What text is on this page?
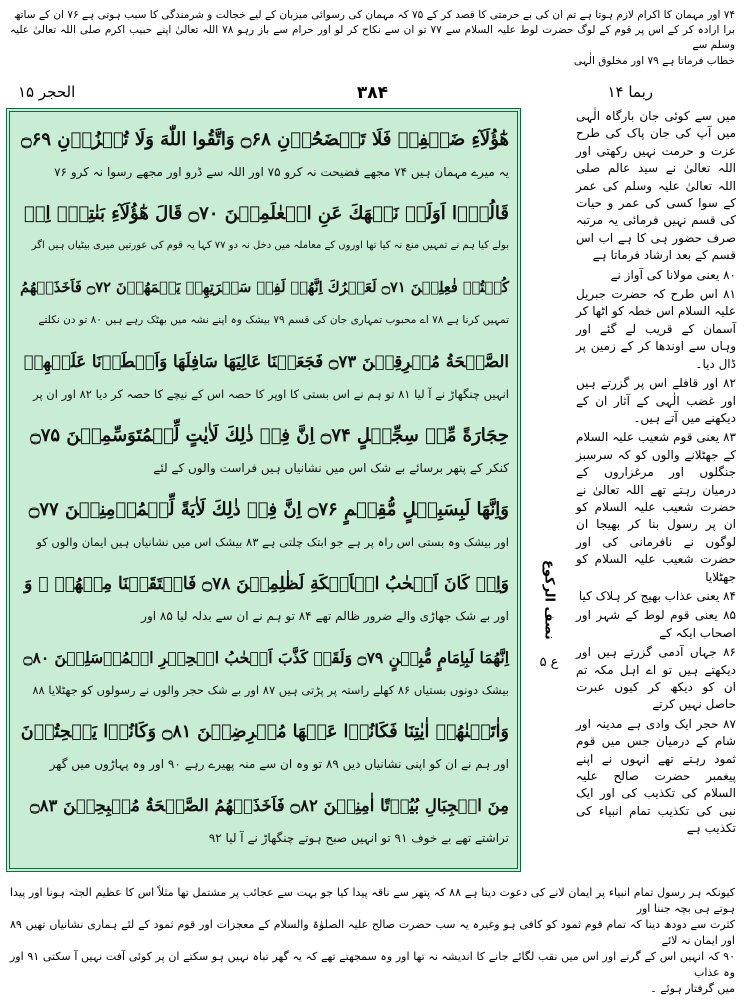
۷۴ اور مہمان کا اکرام لازم ہوتا ہے تم ان کی بے حرمتی کا قصد کر کے ۷۵ کہ مہمان کی رسوائی میزبان کے لیے خجالت و شرمندگی کا سبب ہوتی ہے ۷۶ ان کے ساتھ

برا ارادہ کر کے اس پر قوم کے لوگ حضرت لوط علیہ السلام سے ۷۷ تو ان سے نکاح کر لو اور حرام سے باز رہو ۷۸ اللہ تعالیٰ اپنے حبیب اکرم صلی اللہ تعالیٰ علیہ وسلم سے

خطاب فرماتا ہے ۷۹ اور مخلوق الٰہی

ربما ۱۴
۳۸۴
الحجر ۱۵
هٰٓؤُلَآءِ ضَيۡفِىۡ فَلَا تَفۡضَحُوۡنِ ۝۶۸ وَاتَّقُوا اللّٰهَ وَلَا تُخۡزُوۡنِ ۝۶۹
یہ میرے مہمان ہیں ۷۴ مجھے فضیحت نہ کرو ۷۵ اور اللہ سے ڈرو اور مجھے رسوا نہ کرو ۷۶
قَالُوۡٓا اَوَلَمۡ نَنۡهَكَ عَنِ الۡعٰلَمِيۡنَ ۝۷۰ قَالَ هٰٓؤُلَآءِ بَنٰتِىۡٓ اِنۡ
بولے کیا ہم نے تمہیں منع نہ کیا تھا اوروں کے معاملہ میں دخل نہ دو ۷۷ کہا یہ قوم کی عورتیں میری بیٹیاں ہیں اگر
كُنۡتُمۡ فٰعِلِيۡنَ ۝۷۱ لَعَمۡرُكَ اِنَّهُمۡ لَفِىۡ سَكۡرَتِهِمۡ يَعۡمَهُوۡنَ ۝۷۲ فَاَخَذَتۡهُمُ
تمہیں کرنا ہے ۷۸ اے محبوب تمہاری جان کی قسم ۷۹ بیشک وہ اپنے نشہ میں بھٹک رہے ہیں ۸۰ تو دن نکلتے
الصَّيۡحَةُ مُشۡرِقِيۡنَ ۝۷۳ فَجَعَلۡنَا عَالِيَهَا سَافِلَهَا وَاَمۡطَرۡنَا عَلَيۡهِمۡ
انہیں چنگھاڑ نے آ لیا ۸۱ تو ہم نے اس بستی کا اوپر کا حصہ اس کے نیچے کا حصہ کر دیا ۸۲ اور ان پر
حِجَارَةً مِّنۡ سِجِّيۡلٍ ۝۷۴ اِنَّ فِىۡ ذٰلِكَ لَاٰيٰتٍ لِّلۡمُتَوَسِّمِيۡنَ ۝۷۵
کنکر کے پتھر برسائے بے شک اس میں نشانیاں ہیں فراست والوں کے لئے
وَاِنَّهَا لَبِسَبِيۡلٍ مُّقِيۡمٍ ۝۷۶ اِنَّ فِىۡ ذٰلِكَ لَاٰيَةً لِّلۡمُؤۡمِنِيۡنَ ۝۷۷
اور بیشک وہ بستی اس راہ پر ہے جو ابتک چلتی ہے ۸۳ بیشک اس میں نشانیاں ہیں ایمان والوں کو
وَاِنۡ كَانَ اَصۡحٰبُ الۡاَيۡكَةِ لَظٰلِمِيۡنَ ۝۷۸ فَانۡتَقَمۡنَا مِنۡهُمۡ ۘ وَ
اور بے شک جھاڑی والے ضرور ظالم تھے ۸۴ تو ہم نے ان سے بدلہ لیا ۸۵ اور
اِنَّهُمَا لَبِاِمَامٍ مُّبِيۡنٍ ۝۷۹ وَلَقَدۡ كَذَّبَ اَصۡحٰبُ الۡحِجۡرِ الۡمُرۡسَلِيۡنَ ۝۸۰
بیشک دونوں بستیاں ۸۶ کھلے راستہ پر پڑتی ہیں ۸۷ اور بے شک حجر والوں نے رسولوں کو جھٹلایا ۸۸
وَاٰتَيۡنٰهُمۡ اٰيٰتِنَا فَكَانُوۡا عَنۡهَا مُعۡرِضِيۡنَ ۝۸۱ وَكَانُوۡا يَنۡحِتُوۡنَ
اور ہم نے ان کو اپنی نشانیاں دیں ۸۹ تو وہ ان سے منہ پھیرے رہے ۹۰ اور وہ پہاڑوں میں گھر
مِنَ الۡجِبَالِ بُيُوۡتًا اٰمِنِيۡنَ ۝۸۲ فَاَخَذَتۡهُمُ الصَّيۡحَةُ مُصۡبِحِيۡنَ ۝۸۳
تراشتے تھے بے خوف ۹۱ تو انہیں صبح ہوتے چنگھاڑ نے آ لیا ۹۲
نصف الرکوع
ع ۵

میں سے کوئی جان بارگاہ الٰہی میں آپ کی جان پاک کی طرح عزت و حرمت نہیں رکھتی اور اللہ تعالیٰ نے سید عالم صلی اللہ تعالیٰ علیہ وسلم کی عمر کے سوا کسی کی عمر و حیات کی قسم نہیں فرمائی یہ مرتبہ صرف حضور ہی کا ہے اب اس قسم کے بعد ارشاد فرماتا ہے

۸۰ یعنی مولانا کی آواز نے

۸۱ اس طرح کہ حضرت جبریل علیہ السلام اس خطہ کو اٹھا کر آسمان کے قریب لے گئے اور وہاں سے اوندھا کر کے زمین پر ڈال دیا۔

۸۲ اور قافلے اس پر گزرتے ہیں اور غضب الٰہی کے آثار ان کے دیکھنے میں آتے ہیں۔

۸۳ یعنی قوم شعیب علیہ السلام کے جھٹلانے والوں کو کہ سرسبز جنگلوں اور مرغزاروں کے درمیان رہتے تھے اللہ تعالیٰ نے حضرت شعیب علیہ السلام کو ان پر رسول بنا کر بھیجا ان لوگوں نے نافرمانی کی اور حضرت شعیب علیہ السلام کو جھٹلایا

۸۴ یعنی عذاب بھیج کر ہلاک کیا

۸۵ یعنی قوم لوط کے شہر اور اصحاب ایکہ کے

۸۶ جہاں آدمی گزرتے ہیں اور دیکھتے ہیں تو اے اہل مکہ تم ان کو دیکھ کر کیوں عبرت حاصل نہیں کرتے

۸۷ حجر ایک وادی ہے مدینہ اور شام کے درمیان جس میں قوم ثمود رہتے تھے انہوں نے اپنے پیغمبر حضرت صالح علیہ السلام کی تکذیب کی اور ایک نبی کی تکذیب تمام انبیاء کی تکذیب ہے

کیونکہ ہر رسول تمام انبیاء پر ایمان لانے کی دعوت دیتا ہے ۸۸ کہ پتھر سے ناقہ پیدا کیا جو بہت سے عجائب پر مشتمل تھا مثلاً اس کا عظیم الجثہ ہونا اور پیدا ہوتے ہی بچہ جننا اور

کثرت سے دودھ دینا کہ تمام قوم ثمود کو کافی ہو وغیرہ یہ سب حضرت صالح علیہ الصلوٰۃ والسلام کے معجزات اور قوم ثمود کے لئے ہماری نشانیاں تھیں ۸۹ اور ایمان نہ لائے

۹۰ کہ انہیں اس کے گرنے اور اس میں نقب لگائے جانے کا اندیشہ نہ تھا اور وہ سمجھتے تھے کہ یہ گھر تباہ نہیں ہو سکتے ان پر کوئی آفت نہیں آ سکتی ۹۱ اور وہ عذاب

میں گرفتار ہوئے ۔
